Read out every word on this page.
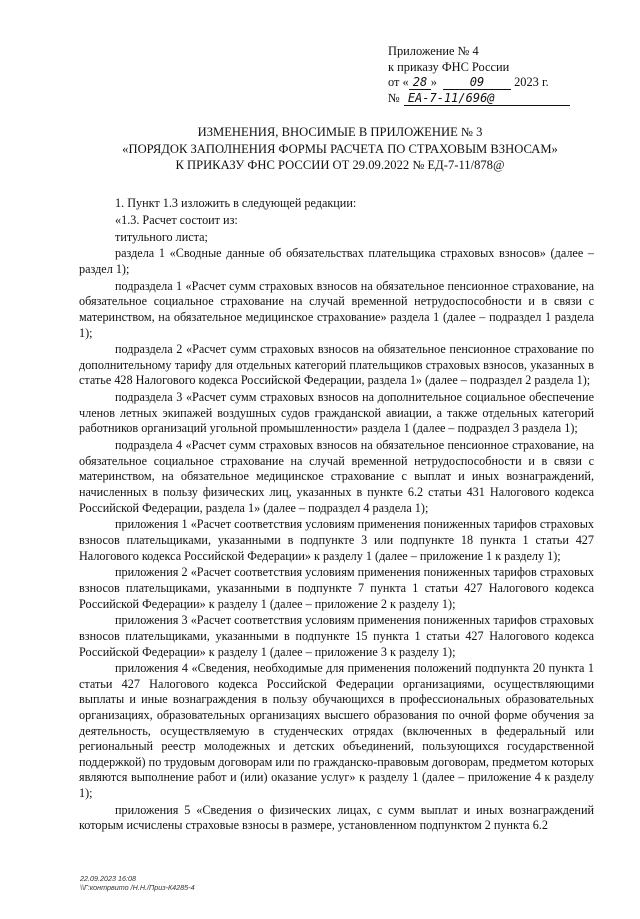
Приложение № 4
к приказу ФНС России
от « 28 »	09 2023 г.
№ ЕА-7-11/696@
ИЗМЕНЕНИЯ, ВНОСИМЫЕ В ПРИЛОЖЕНИЕ № 3
«ПОРЯДОК ЗАПОЛНЕНИЯ ФОРМЫ РАСЧЕТА ПО СТРАХОВЫМ ВЗНОСАМ»
К ПРИКАЗУ ФНС РОССИИ ОТ 29.09.2022 № ЕД-7-11/878@

1. Пункт 1.3 изложить в следующей редакции:

«1.3. Расчет состоит из:

титульного листа;

раздела 1 «Сводные данные об обязательствах плательщика страховых взносов» (далее – раздел 1);

подраздела 1 «Расчет сумм страховых взносов на обязательное пенсионное страхование, на обязательное социальное страхование на случай временной нетрудоспособности и в связи с материнством, на обязательное медицинское страхование» раздела 1 (далее – подраздел 1 раздела 1);

подраздела 2 «Расчет сумм страховых взносов на обязательное пенсионное страхование по дополнительному тарифу для отдельных категорий плательщиков страховых взносов, указанных в статье 428 Налогового кодекса Российской Федерации, раздела 1» (далее – подраздел 2 раздела 1);

подраздела 3 «Расчет сумм страховых взносов на дополнительное социальное обеспечение членов летных экипажей воздушных судов гражданской авиации, а также отдельных категорий работников организаций угольной промышленности» раздела 1 (далее – подраздел 3 раздела 1);

подраздела 4 «Расчет сумм страховых взносов на обязательное пенсионное страхование, на обязательное социальное страхование на случай временной нетрудоспособности и в связи с материнством, на обязательное медицинское страхование с выплат и иных вознаграждений, начисленных в пользу физических лиц, указанных в пункте 6.2 статьи 431 Налогового кодекса Российской Федерации, раздела 1» (далее – подраздел 4 раздела 1);

приложения 1 «Расчет соответствия условиям применения пониженных тарифов страховых взносов плательщиками, указанными в подпункте 3 или подпункте 18 пункта 1 статьи 427 Налогового кодекса Российской Федерации» к разделу 1 (далее – приложение 1 к разделу 1);

приложения 2 «Расчет соответствия условиям применения пониженных тарифов страховых взносов плательщиками, указанными в подпункте 7 пункта 1 статьи 427 Налогового кодекса Российской Федерации» к разделу 1 (далее – приложение 2 к разделу 1);

приложения 3 «Расчет соответствия условиям применения пониженных тарифов страховых взносов плательщиками, указанными в подпункте 15 пункта 1 статьи 427 Налогового кодекса Российской Федерации» к разделу 1 (далее – приложение 3 к разделу 1);

приложения 4 «Сведения, необходимые для применения положений подпункта 20 пункта 1 статьи 427 Налогового кодекса Российской Федерации организациями, осуществляющими выплаты и иные вознаграждения в пользу обучающихся в профессиональных образовательных организациях, образовательных организациях высшего образования по очной форме обучения за деятельность, осуществляемую в студенческих отрядах (включенных в федеральный или региональный реестр молодежных и детских объединений, пользующихся государственной поддержкой) по трудовым договорам или по гражданско-правовым договорам, предметом которых являются выполнение работ и (или) оказание услуг» к разделу 1 (далее – приложение 4 к разделу 1);

приложения 5 «Сведения о физических лицах, с сумм выплат и иных вознаграждений которым исчислены страховые взносы в размере, установленном подпунктом 2 пункта 6.2

22.09.2023 16:08
\\Г:контрвито /Н.Н./Приз-К4285-4
